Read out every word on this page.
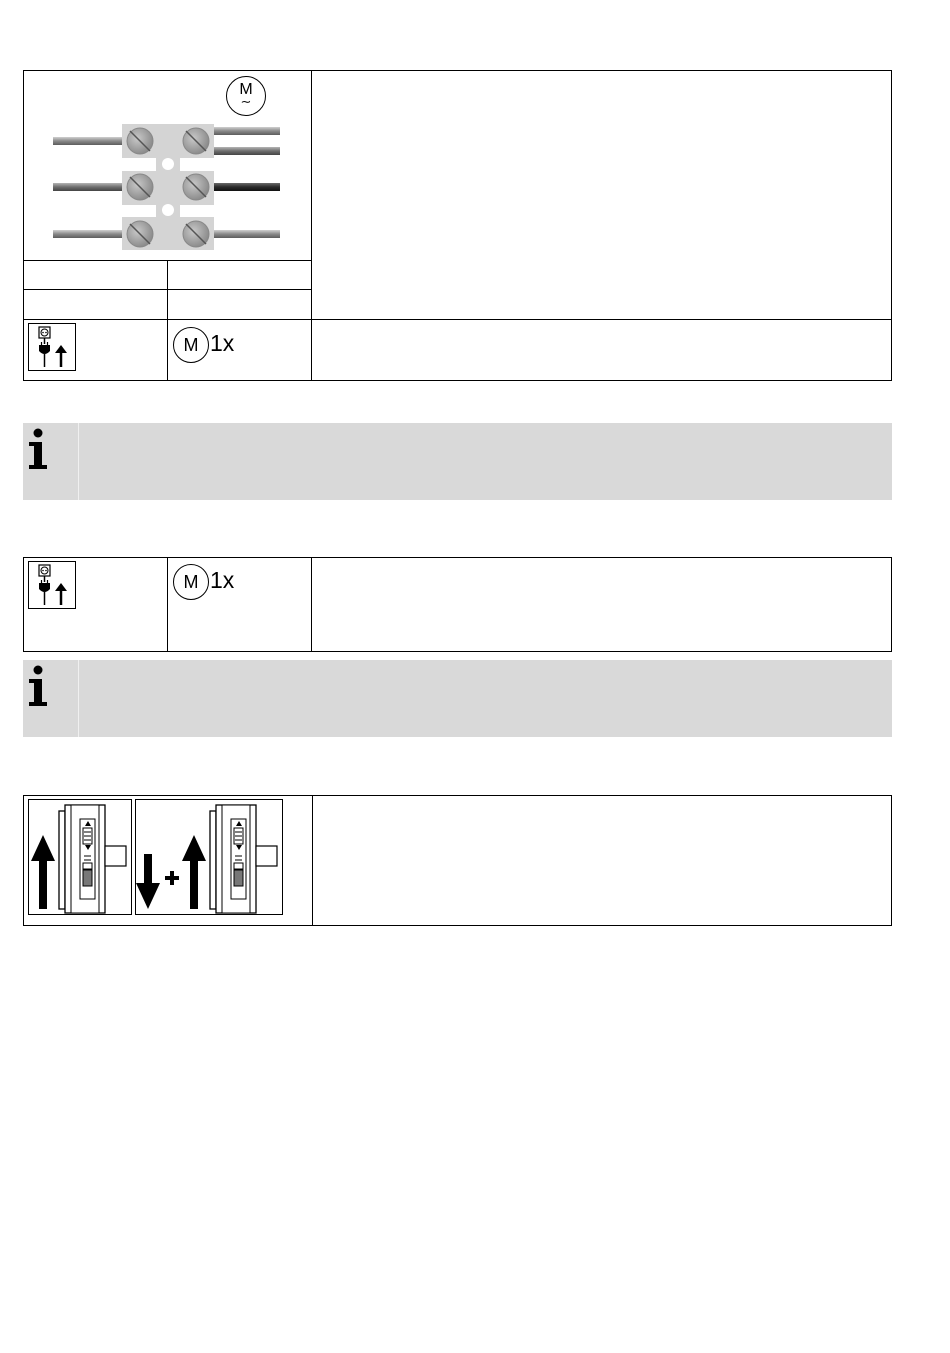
M
∼
M 1x
M 1x
